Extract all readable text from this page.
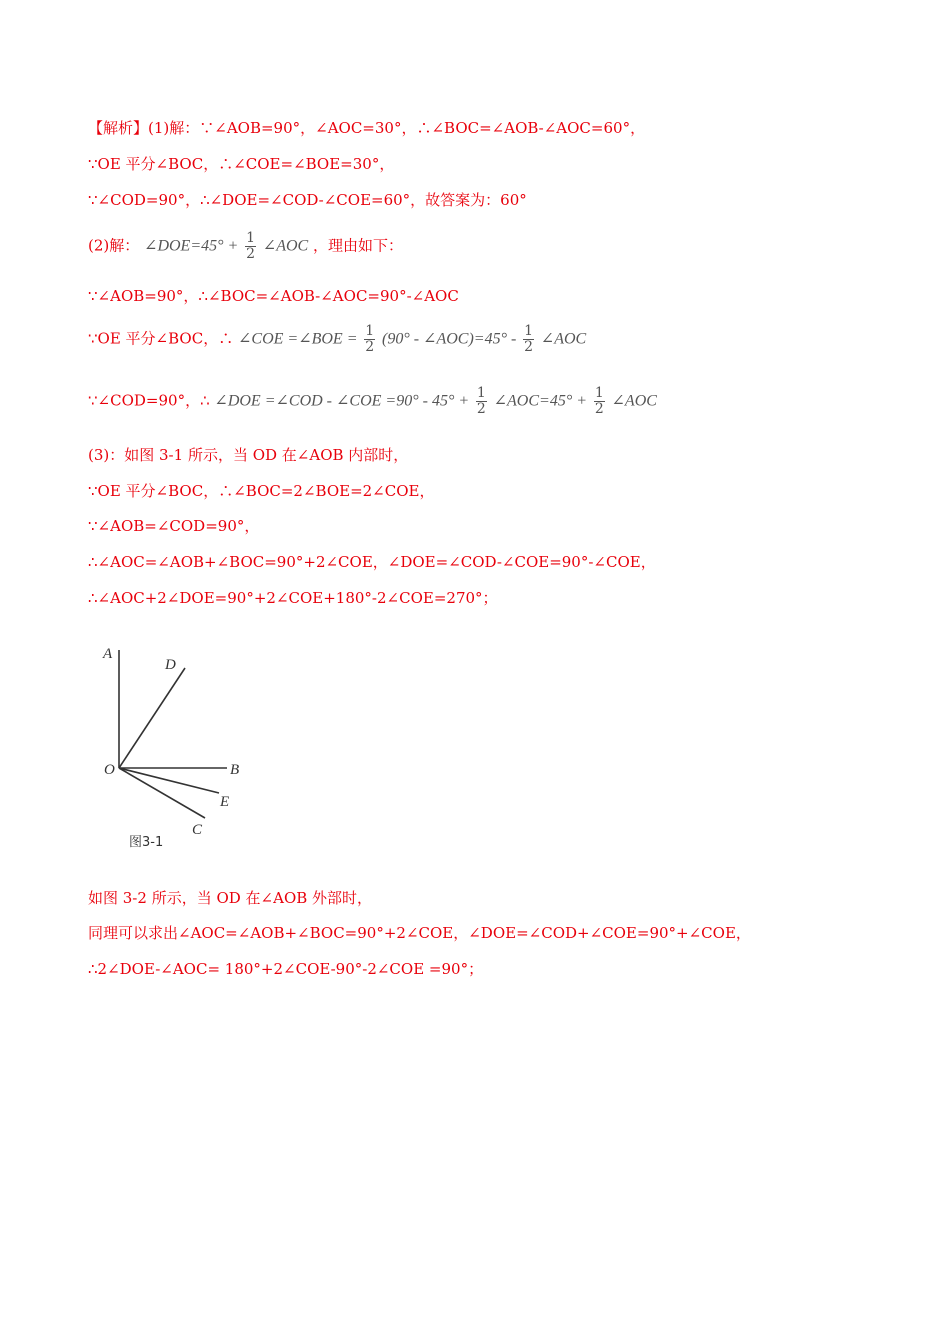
【解析】(1)解：∵∠AOB=90°，∠AOC=30°，∴∠BOC=∠AOB-∠AOC=60°，
∵OE 平分∠BOC，∴∠COE=∠BOE=30°，
∵∠COD=90°，∴∠DOE=∠COD-∠COE=60°，故答案为：60°
(2)解： ∠DOE=45° + $\frac{1}{2}$ ∠AOC ，理由如下：
∵∠AOB=90°，∴∠BOC=∠AOB-∠AOC=90°-∠AOC
∵OE 平分∠BOC，∴ ∠COE =∠BOE = $\frac{1}{2} (90^\circ$ - ∠AOC)=45° - $\frac{1}{2}$ ∠AOC
∵∠COD=90°，∴ ∠DOE =∠COD - ∠COE $=90^\circ - 45^\circ + \frac{1}{2}$ ∠AOC=45° + $\frac{1}{2}$ ∠AOC
(3)：如图 3-1 所示，当 OD 在∠AOB 内部时，
∵OE 平分∠BOC，∴∠BOC=2∠BOE=2∠COE，
∵∠AOB=∠COD=90°，
∴∠AOC=∠AOB+∠BOC=90°+2∠COE，∠DOE=∠COD-∠COE=90°-∠COE，
∴∠AOC+2∠DOE=90°+2∠COE+180°-2∠COE=270°；
A
D
O	B
E
C
图3-1
如图 3-2 所示，当 OD 在∠AOB 外部时，
同理可以求出∠AOC=∠AOB+∠BOC=90°+2∠COE，∠DOE=∠COD+∠COE=90°+∠COE，
∴2∠DOE-∠AOC= 180°+2∠COE-90°-2∠COE =90°；
